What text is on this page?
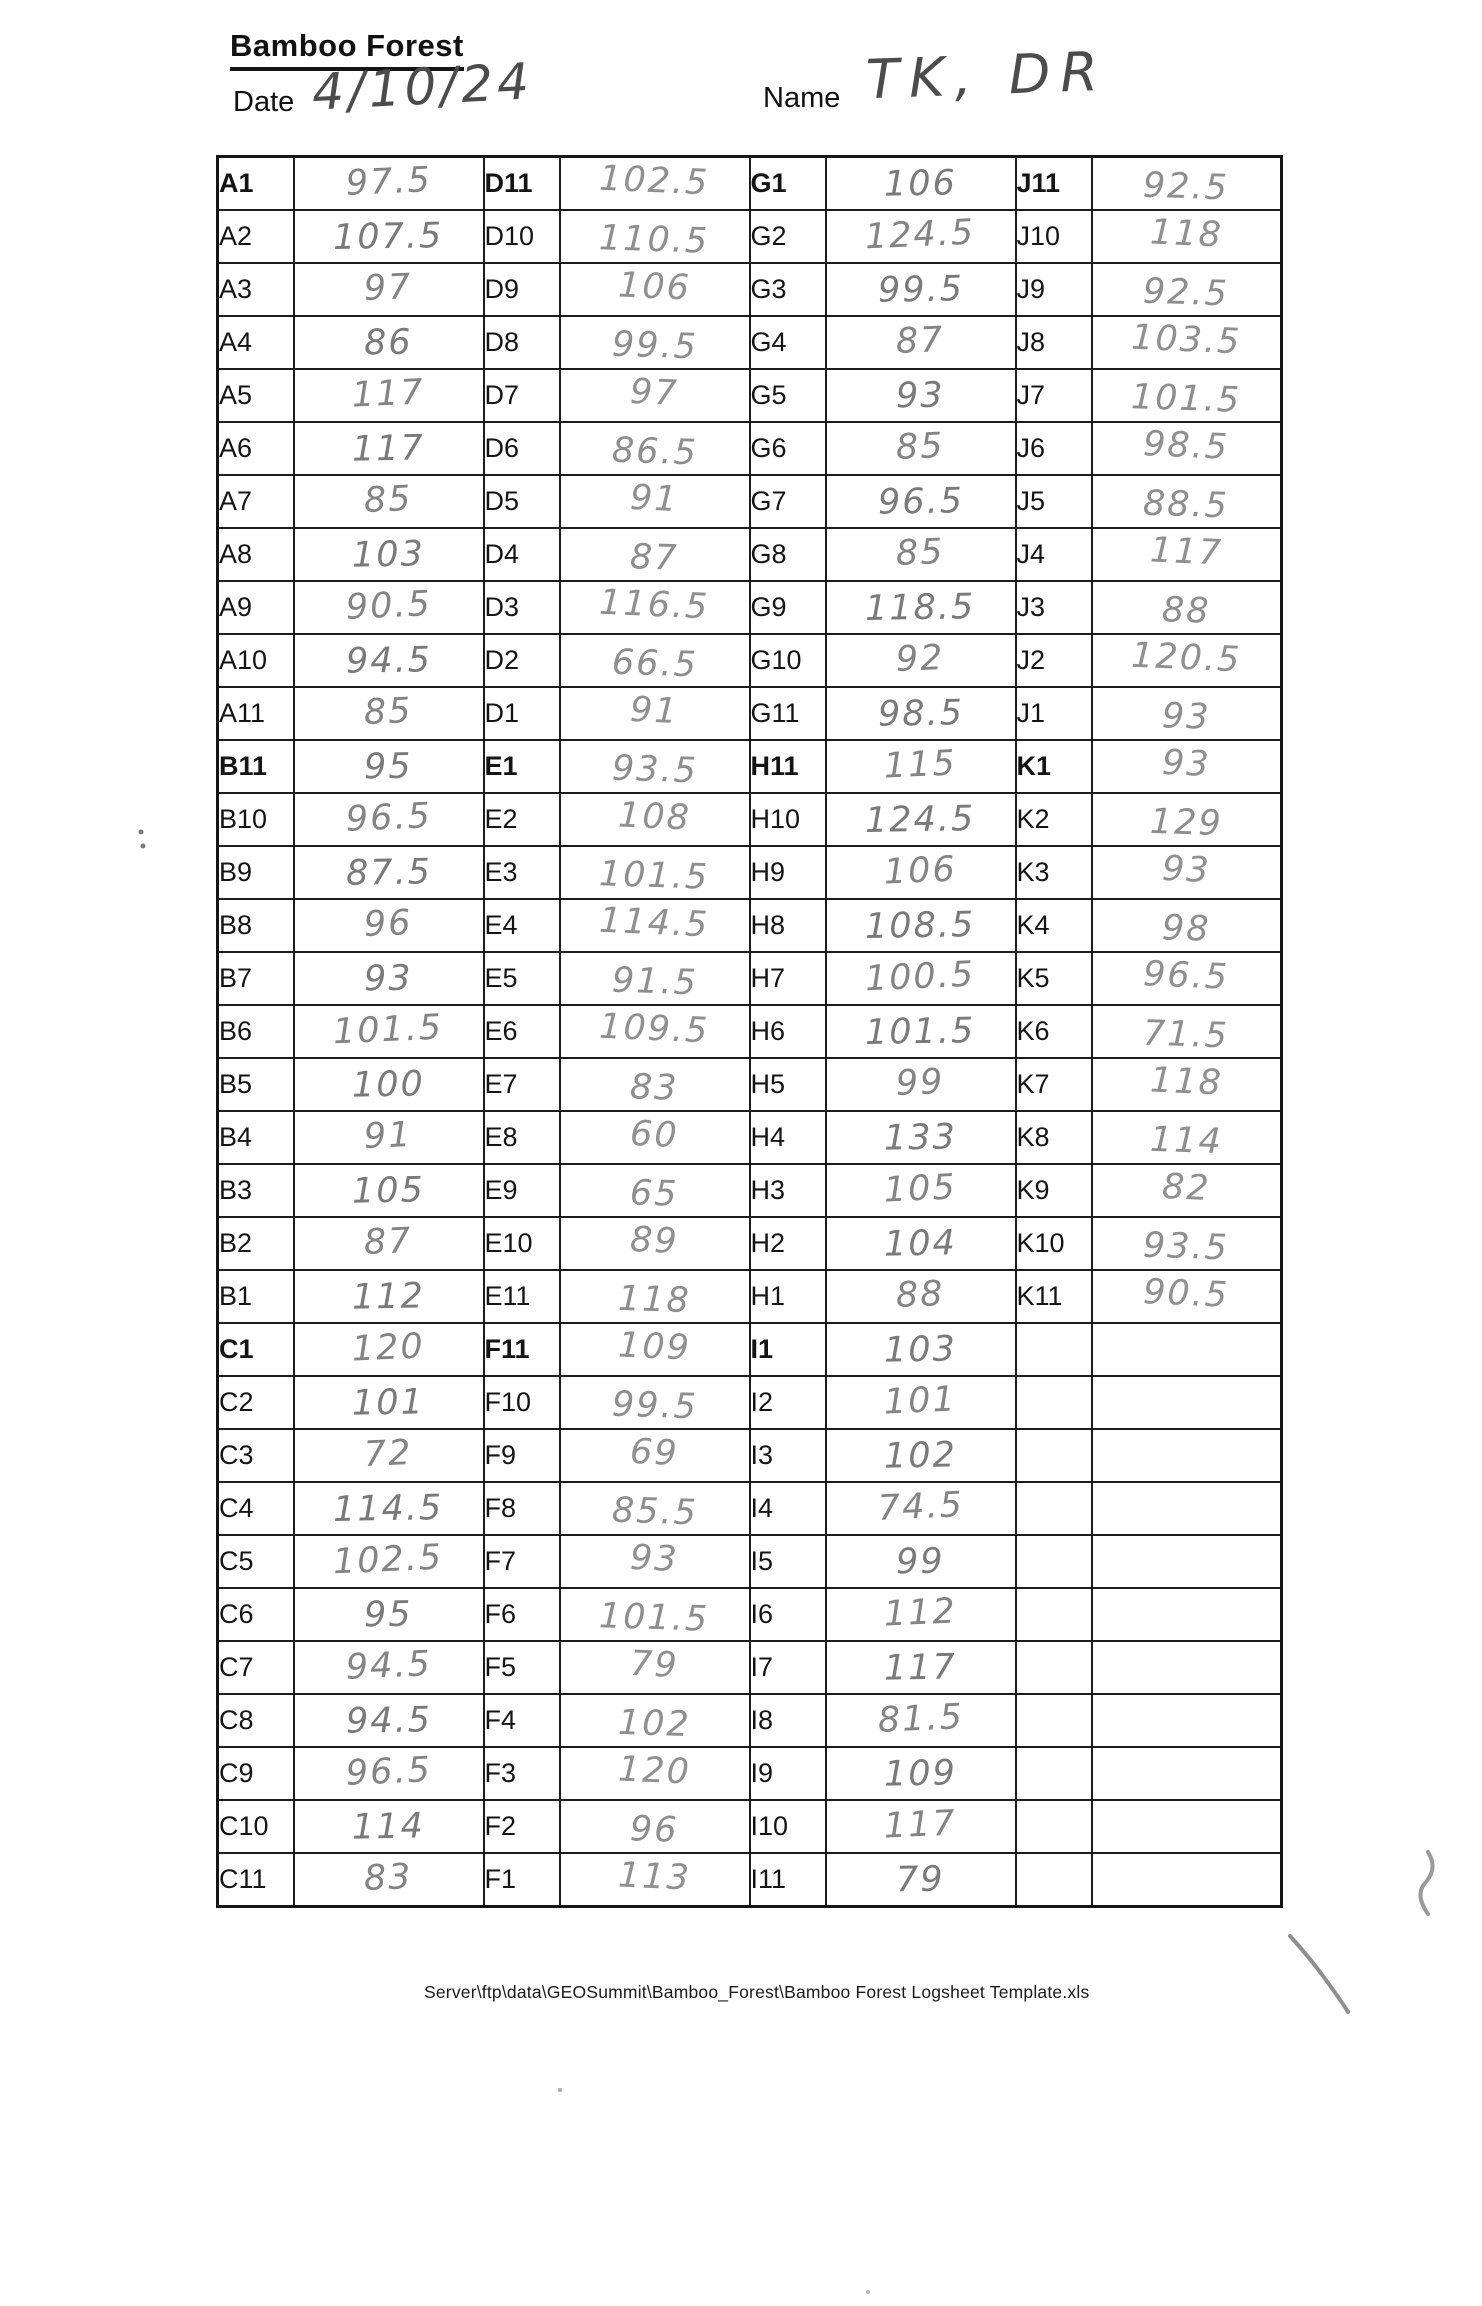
Bamboo Forest
Date 4/10/24	Name TK, DR
A1	97.5	D11	102.5	G1	106	J11	92.5
A2	107.5	D10	110.5	G2	124.5	J10	118
A3	97	D9	106	G3	99.5	J9	92.5
A4	86	D8	99.5	G4	87	J8	103.5
A5	117	D7	97	G5	93	J7	101.5
A6	117	D6	86.5	G6	85	J6	98.5
A7	85	D5	91	G7	96.5	J5	88.5
A8	103	D4	87	G8	85	J4	117
A9	90.5	D3	116.5	G9	118.5	J3	88
A10	94.5	D2	66.5	G10	92	J2	120.5
A11	85	D1	91	G11	98.5	J1	93
B11	95	E1	93.5	H11	115	K1	93
B10	96.5	E2	108	H10	124.5	K2	129
B9	87.5	E3	101.5	H9	106	K3	93
B8	96	E4	114.5	H8	108.5	K4	98
B7	93	E5	91.5	H7	100.5	K5	96.5
B6	101.5	E6	109.5	H6	101.5	K6	71.5
B5	100	E7	83	H5	99	K7	118
B4	91	E8	60	H4	133	K8	114
B3	105	E9	65	H3	105	K9	82
B2	87	E10	89	H2	104	K10	93.5
B1	112	E11	118	H1	88	K11	90.5
C1	120	F11	109	I1	103		
C2	101	F10	99.5	I2	101		
C3	72	F9	69	I3	102		
C4	114.5	F8	85.5	I4	74.5		
C5	102.5	F7	93	I5	99		
C6	95	F6	101.5	I6	112		
C7	94.5	F5	79	I7	117		
C8	94.5	F4	102	I8	81.5		
C9	96.5	F3	120	I9	109		
C10	114	F2	96	I10	117		
C11	83	F1	113	I11	79		
Server\ftp\data\GEOSummit\Bamboo_Forest\Bamboo Forest Logsheet Template.xls
